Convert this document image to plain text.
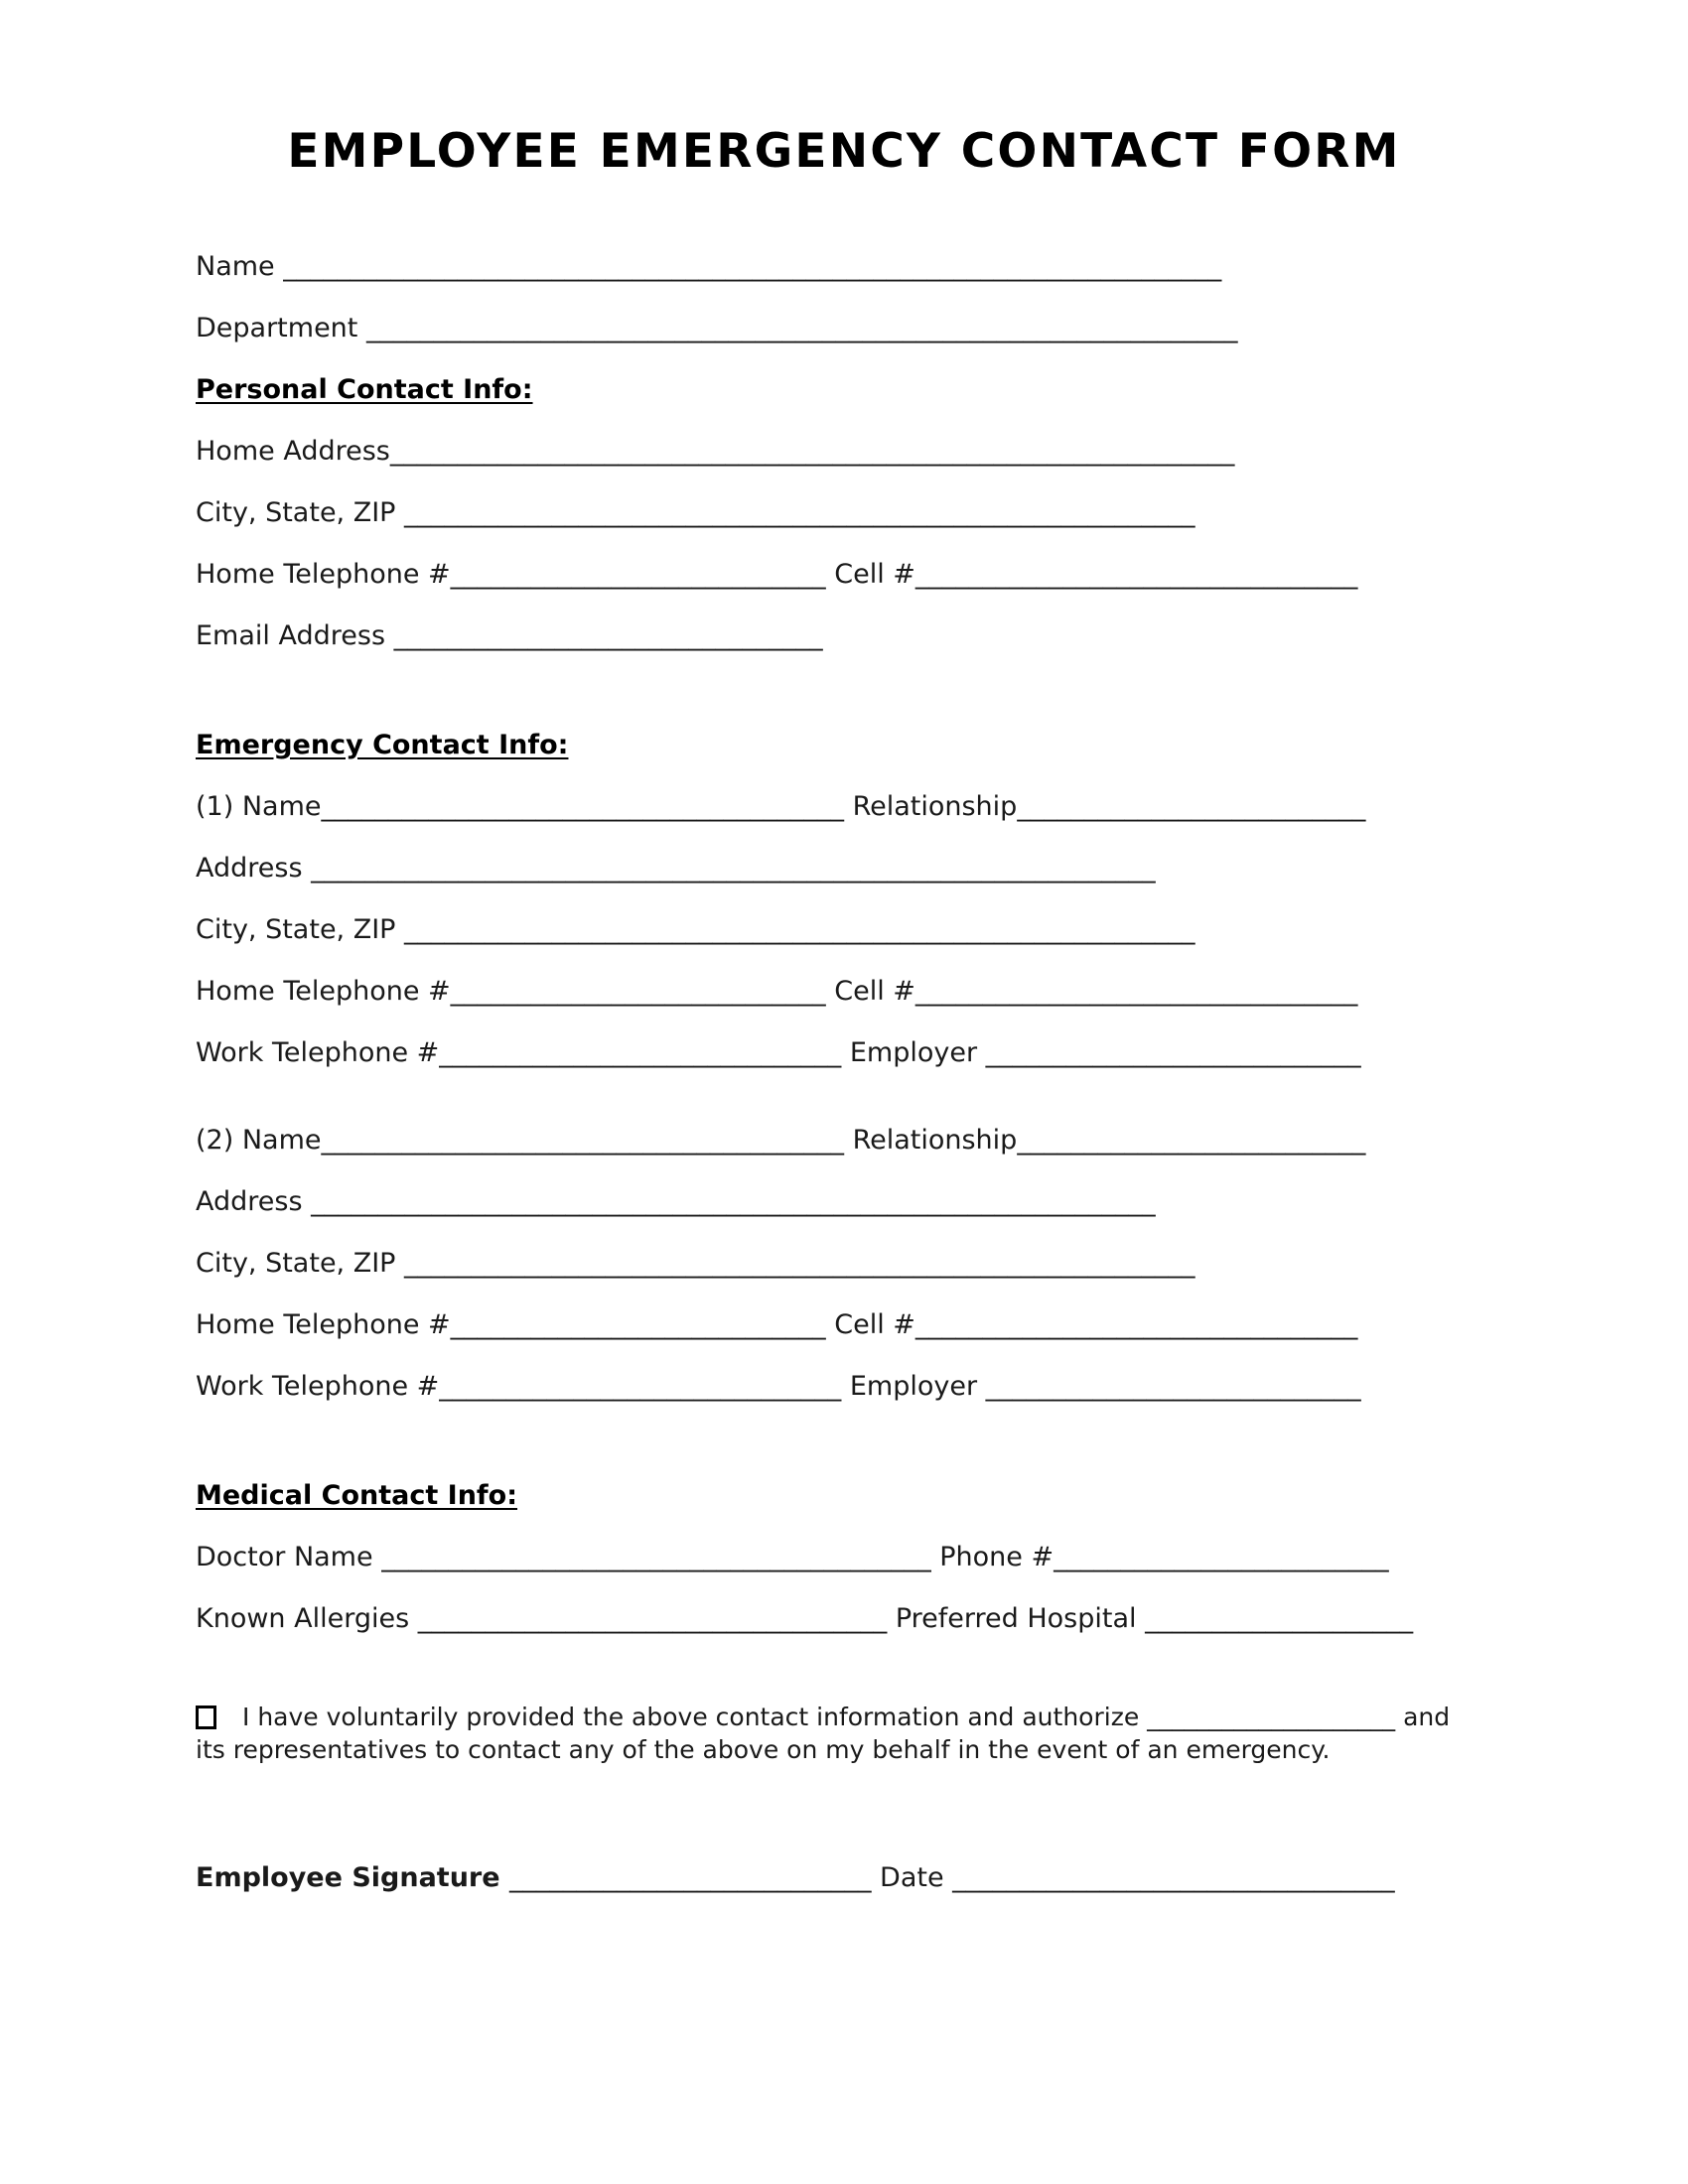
EMPLOYEE EMERGENCY CONTACT FORM
Name ______________________________________________________________________
Department _________________________________________________________________
Personal Contact Info:
Home Address_______________________________________________________________
City, State, ZIP ___________________________________________________________
Home Telephone #____________________________ Cell #_________________________________
Email Address ________________________________
Emergency Contact Info:
(1) Name_______________________________________ Relationship__________________________
Address _______________________________________________________________
City, State, ZIP ___________________________________________________________
Home Telephone #____________________________ Cell #_________________________________
Work Telephone #______________________________ Employer ____________________________
(2) Name_______________________________________ Relationship__________________________
Address _______________________________________________________________
City, State, ZIP ___________________________________________________________
Home Telephone #____________________________ Cell #_________________________________
Work Telephone #______________________________ Employer ____________________________
Medical Contact Info:
Doctor Name _________________________________________ Phone #_________________________
Known Allergies ___________________________________ Preferred Hospital ____________________
I have voluntarily provided the above contact information and authorize ____________________ and
its representatives to contact any of the above on my behalf in the event of an emergency.
Employee Signature ___________________________ Date _________________________________
